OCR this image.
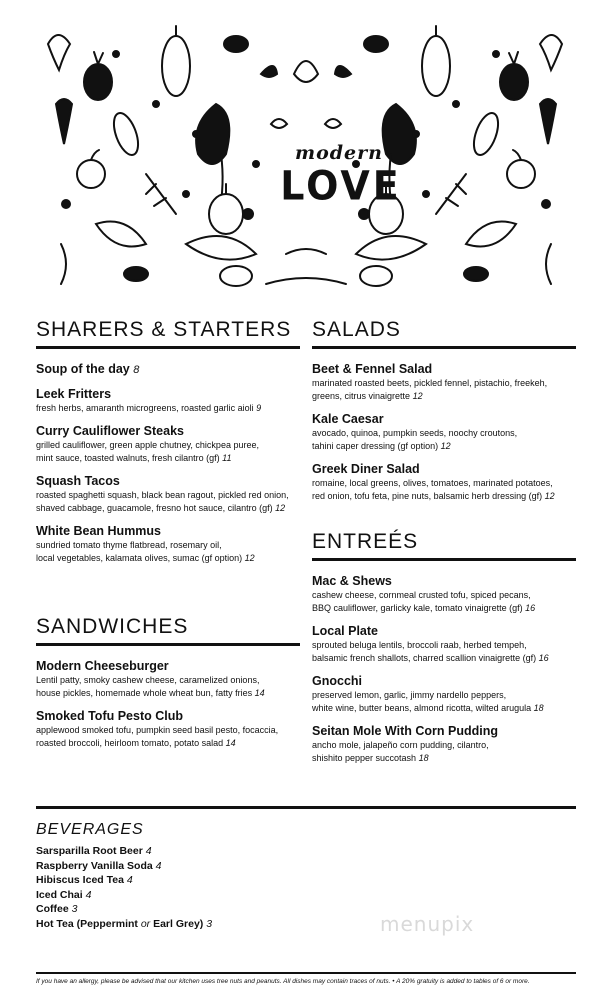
modern
LOVE
SHARERS & STARTERS
Soup of the day 8
Leek Fritters
fresh herbs, amaranth microgreens, roasted garlic aioli 9
Curry Cauliflower Steaks
grilled cauliflower, green apple chutney, chickpea puree,
mint sauce, toasted walnuts, fresh cilantro (gf) 11
Squash Tacos
roasted spaghetti squash, black bean ragout, pickled red onion,
shaved cabbage, guacamole, fresno hot sauce, cilantro (gf) 12
White Bean Hummus
sundried tomato thyme flatbread, rosemary oil,
local vegetables, kalamata olives, sumac (gf option) 12
SANDWICHES
Modern Cheeseburger
Lentil patty, smoky cashew cheese, caramelized onions,
house pickles, homemade whole wheat bun, fatty fries 14
Smoked Tofu Pesto Club
applewood smoked tofu, pumpkin seed basil pesto, focaccia,
roasted broccoli, heirloom tomato, potato salad 14
SALADS
Beet & Fennel Salad
marinated roasted beets, pickled fennel, pistachio, freekeh,
greens, citrus vinaigrette 12
Kale Caesar
avocado, quinoa, pumpkin seeds, noochy croutons,
tahini caper dressing (gf option) 12
Greek Diner Salad
romaine, local greens, olives, tomatoes, marinated potatoes,
red onion, tofu feta, pine nuts, balsamic herb dressing (gf) 12
ENTREÉS
Mac & Shews
cashew cheese, cornmeal crusted tofu, spiced pecans,
BBQ cauliflower, garlicky kale, tomato vinaigrette (gf) 16
Local Plate
sprouted beluga lentils, broccoli raab, herbed tempeh,
balsamic french shallots, charred scallion vinaigrette (gf) 16
Gnocchi
preserved lemon, garlic, jimmy nardello peppers,
white wine, butter beans, almond ricotta, wilted arugula 18
Seitan Mole With Corn Pudding
ancho mole, jalapeño corn pudding, cilantro,
shishito pepper succotash 18
BEVERAGES
Sarsparilla Root Beer 4
Raspberry Vanilla Soda 4
Hibiscus Iced Tea 4
Iced Chai 4
Coffee 3
Hot Tea (Peppermint or Earl Grey) 3	menupix
If you have an allergy, please be advised that our kitchen uses tree nuts and peanuts. All dishes may contain traces of nuts. • A 20% gratuity is added to tables of 6 or more.
